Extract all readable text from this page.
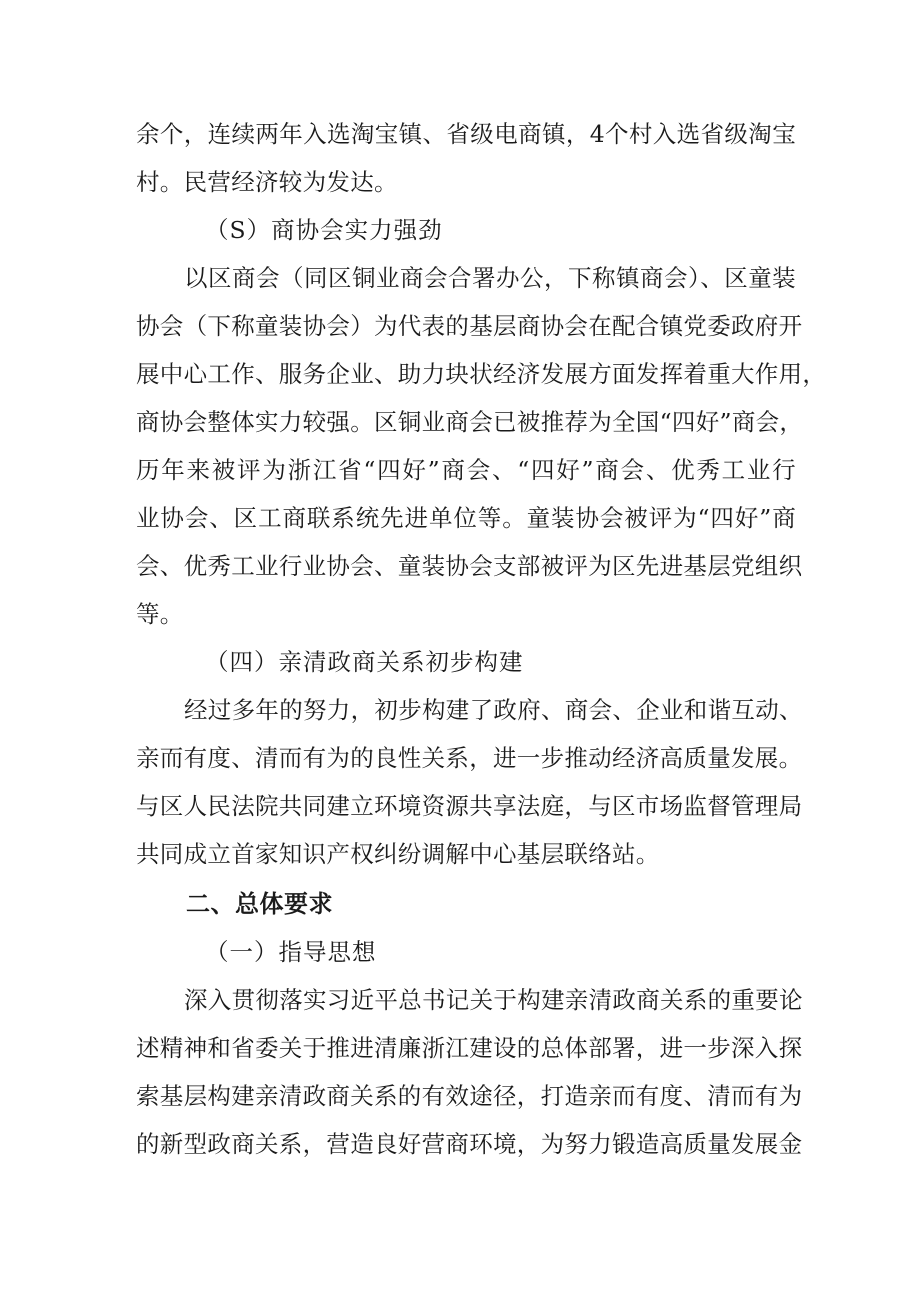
余个，连续两年入选淘宝镇、省级电商镇，4个村入选省级淘宝
村。民营经济较为发达。
（S）商协会实力强劲
以区商会（同区铜业商会合署办公，下称镇商会）、区童装
协会（下称童装协会）为代表的基层商协会在配合镇党委政府开
展中心工作、服务企业、助力块状经济发展方面发挥着重大作用，
商协会整体实力较强。区铜业商会已被推荐为全国“四好”商会，
历年来被评为浙江省“四好”商会、“四好”商会、优秀工业行
业协会、区工商联系统先进单位等。童装协会被评为“四好”商
会、优秀工业行业协会、童装协会支部被评为区先进基层党组织
等。
（四）亲清政商关系初步构建
经过多年的努力，初步构建了政府、商会、企业和谐互动、
亲而有度、清而有为的良性关系，进一步推动经济高质量发展。
与区人民法院共同建立环境资源共享法庭，与区市场监督管理局
共同成立首家知识产权纠纷调解中心基层联络站。
二、总体要求
（一）指导思想
深入贯彻落实习近平总书记关于构建亲清政商关系的重要论
述精神和省委关于推进清廉浙江建设的总体部署，进一步深入探
索基层构建亲清政商关系的有效途径，打造亲而有度、清而有为
的新型政商关系，营造良好营商环境，为努力锻造高质量发展金
